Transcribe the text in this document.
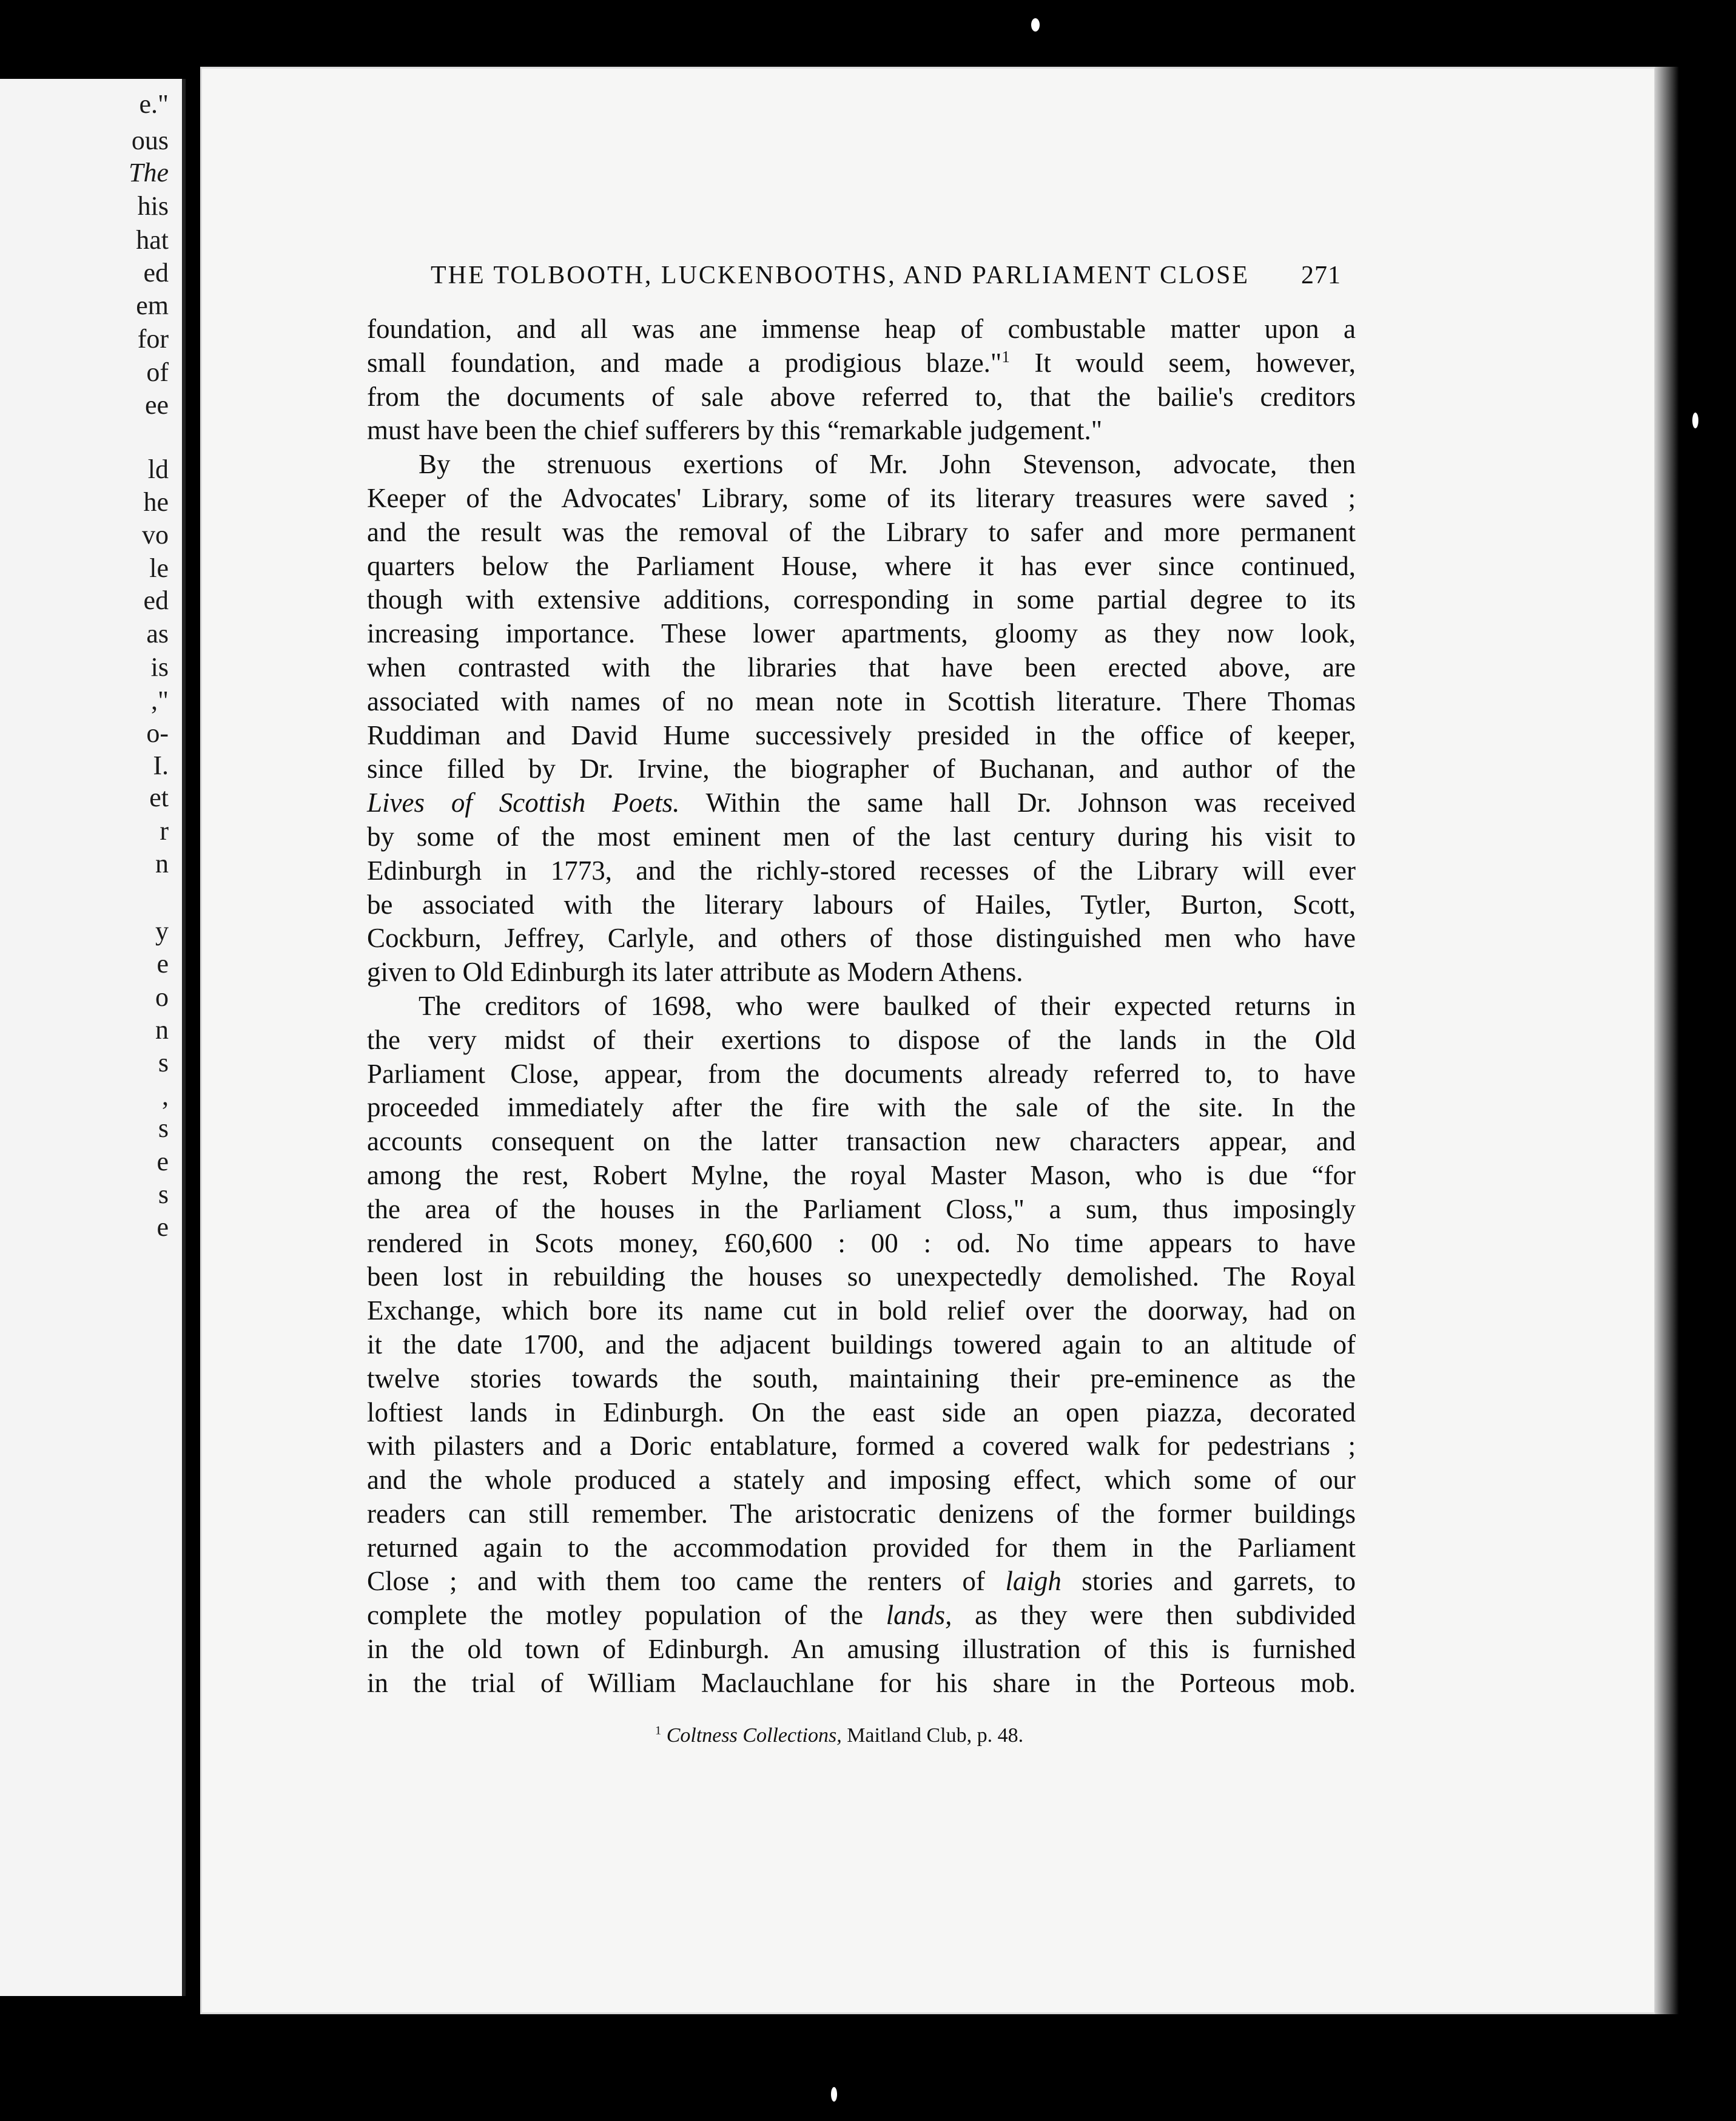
e."
ous
The
his
hat
ed
em
for
of
ee
ld
he
vo
le
ed
as
is
,"
o-
I.
et
r
n
y
e
o
n
s
,
s
e
s
e
THE TOLBOOTH, LUCKENBOOTHS, AND PARLIAMENT CLOSE 271
foundation, and all was ane immense heap of combustable matter upon a
small foundation, and made a prodigious blaze."$^1$ It would seem, however,
from the documents of sale above referred to, that the bailie's creditors
must have been the chief sufferers by this “remarkable judgement."
By the strenuous exertions of Mr. John Stevenson, advocate, then
Keeper of the Advocates' Library, some of its literary treasures were saved ;
and the result was the removal of the Library to safer and more permanent
quarters below the Parliament House, where it has ever since continued,
though with extensive additions, corresponding in some partial degree to its
increasing importance. These lower apartments, gloomy as they now look,
when contrasted with the libraries that have been erected above, are
associated with names of no mean note in Scottish literature. There Thomas
Ruddiman and David Hume successively presided in the office of keeper,
since filled by Dr. Irvine, the biographer of Buchanan, and author of the
Lives of Scottish Poets. Within the same hall Dr. Johnson was received
by some of the most eminent men of the last century during his visit to
Edinburgh in 1773, and the richly-stored recesses of the Library will ever
be associated with the literary labours of Hailes, Tytler, Burton, Scott,
Cockburn, Jeffrey, Carlyle, and others of those distinguished men who have
given to Old Edinburgh its later attribute as Modern Athens.
The creditors of 1698, who were baulked of their expected returns in
the very midst of their exertions to dispose of the lands in the Old
Parliament Close, appear, from the documents already referred to, to have
proceeded immediately after the fire with the sale of the site. In the
accounts consequent on the latter transaction new characters appear, and
among the rest, Robert Mylne, the royal Master Mason, who is due “for
the area of the houses in the Parliament Closs," a sum, thus imposingly
rendered in Scots money, £60,600 : 00 : od. No time appears to have
been lost in rebuilding the houses so unexpectedly demolished. The Royal
Exchange, which bore its name cut in bold relief over the doorway, had on
it the date 1700, and the adjacent buildings towered again to an altitude of
twelve stories towards the south, maintaining their pre-eminence as the
loftiest lands in Edinburgh. On the east side an open piazza, decorated
with pilasters and a Doric entablature, formed a covered walk for pedestrians ;
and the whole produced a stately and imposing effect, which some of our
readers can still remember. The aristocratic denizens of the former buildings
returned again to the accommodation provided for them in the Parliament
Close ; and with them too came the renters of laigh stories and garrets, to
complete the motley population of the lands, as they were then subdivided
in the old town of Edinburgh. An amusing illustration of this is furnished
in the trial of William Maclauchlane for his share in the Porteous mob.
$^1$ Coltness Collections, Maitland Club, p. 48.
